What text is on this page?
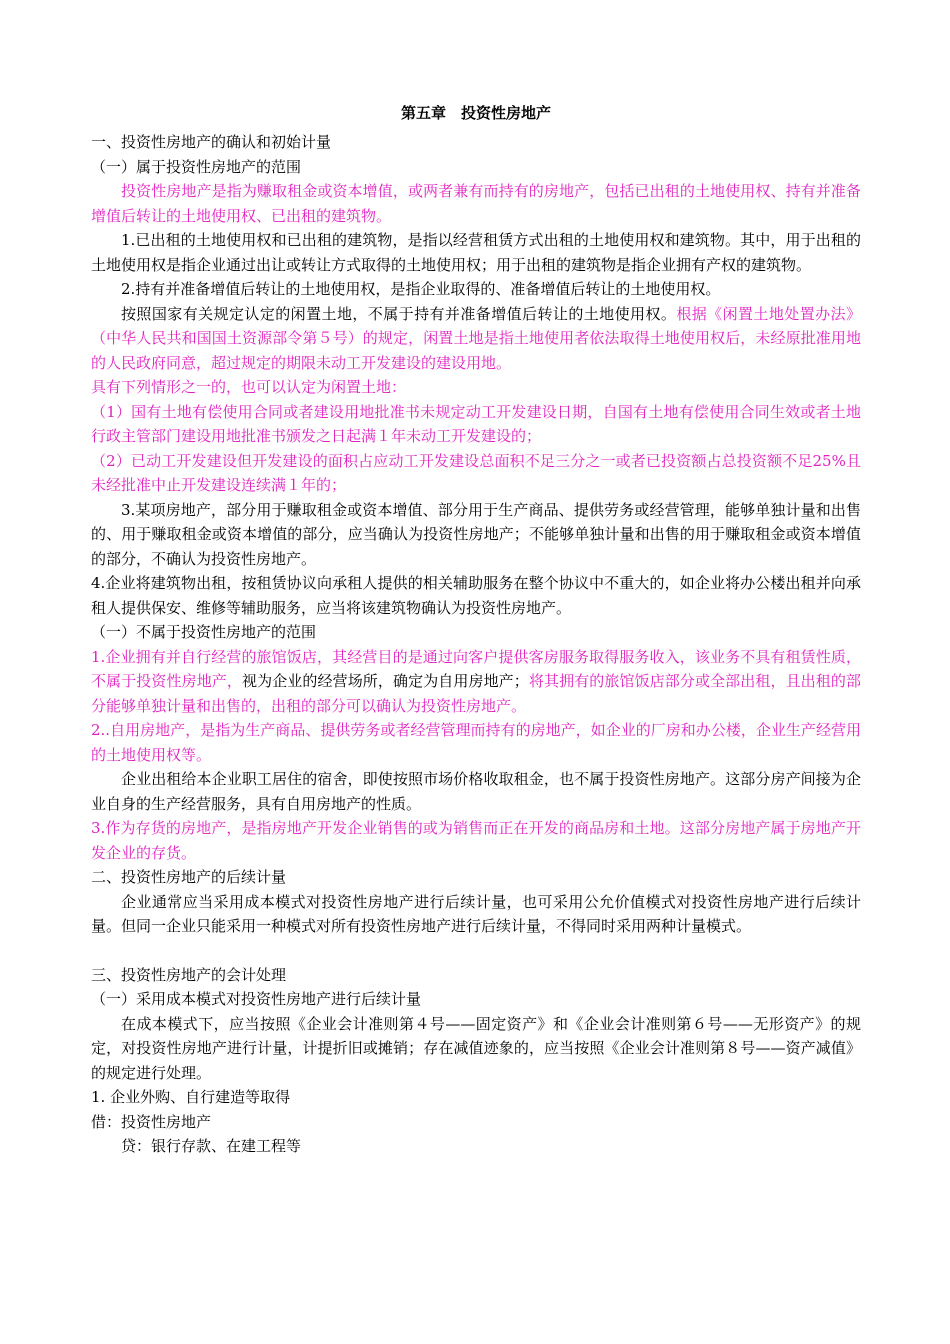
第五章　投资性房地产

一、投资性房地产的确认和初始计量

（一）属于投资性房地产的范围

投资性房地产是指为赚取租金或资本增值，或两者兼有而持有的房地产，包括已出租的土地使用权、持有并准备增值后转让的土地使用权、已出租的建筑物。

1.已出租的土地使用权和已出租的建筑物，是指以经营租赁方式出租的土地使用权和建筑物。其中，用于出租的土地使用权是指企业通过出让或转让方式取得的土地使用权；用于出租的建筑物是指企业拥有产权的建筑物。

2.持有并准备增值后转让的土地使用权，是指企业取得的、准备增值后转让的土地使用权。

按照国家有关规定认定的闲置土地，不属于持有并准备增值后转让的土地使用权。根据《闲置土地处置办法》（中华人民共和国国土资源部令第５号）的规定，闲置土地是指土地使用者依法取得土地使用权后，未经原批准用地的人民政府同意，超过规定的期限未动工开发建设的建设用地。

具有下列情形之一的，也可以认定为闲置土地：

（1）国有土地有偿使用合同或者建设用地批准书未规定动工开发建设日期，自国有土地有偿使用合同生效或者土地行政主管部门建设用地批准书颁发之日起满１年未动工开发建设的；

（2）已动工开发建设但开发建设的面积占应动工开发建设总面积不足三分之一或者已投资额占总投资额不足25%且未经批准中止开发建设连续满１年的；

3.某项房地产，部分用于赚取租金或资本增值、部分用于生产商品、提供劳务或经营管理，能够单独计量和出售的、用于赚取租金或资本增值的部分，应当确认为投资性房地产；不能够单独计量和出售的用于赚取租金或资本增值的部分，不确认为投资性房地产。

4.企业将建筑物出租，按租赁协议向承租人提供的相关辅助服务在整个协议中不重大的，如企业将办公楼出租并向承租人提供保安、维修等辅助服务，应当将该建筑物确认为投资性房地产。

（一）不属于投资性房地产的范围

1.企业拥有并自行经营的旅馆饭店，其经营目的是通过向客户提供客房服务取得服务收入，该业务不具有租赁性质，不属于投资性房地产，视为企业的经营场所，确定为自用房地产；将其拥有的旅馆饭店部分或全部出租，且出租的部分能够单独计量和出售的，出租的部分可以确认为投资性房地产。

2..自用房地产，是指为生产商品、提供劳务或者经营管理而持有的房地产，如企业的厂房和办公楼，企业生产经营用的土地使用权等。

企业出租给本企业职工居住的宿舍，即使按照市场价格收取租金，也不属于投资性房地产。这部分房产间接为企业自身的生产经营服务，具有自用房地产的性质。

3.作为存货的房地产，是指房地产开发企业销售的或为销售而正在开发的商品房和土地。这部分房地产属于房地产开发企业的存货。

二、投资性房地产的后续计量

企业通常应当采用成本模式对投资性房地产进行后续计量，也可采用公允价值模式对投资性房地产进行后续计量。但同一企业只能采用一种模式对所有投资性房地产进行后续计量，不得同时采用两种计量模式。

三、投资性房地产的会计处理

（一）采用成本模式对投资性房地产进行后续计量

在成本模式下，应当按照《企业会计准则第４号——固定资产》和《企业会计准则第６号——无形资产》的规定，对投资性房地产进行计量，计提折旧或摊销；存在减值迹象的，应当按照《企业会计准则第８号——资产减值》的规定进行处理。

1. 企业外购、自行建造等取得

借：投资性房地产

贷：银行存款、在建工程等
